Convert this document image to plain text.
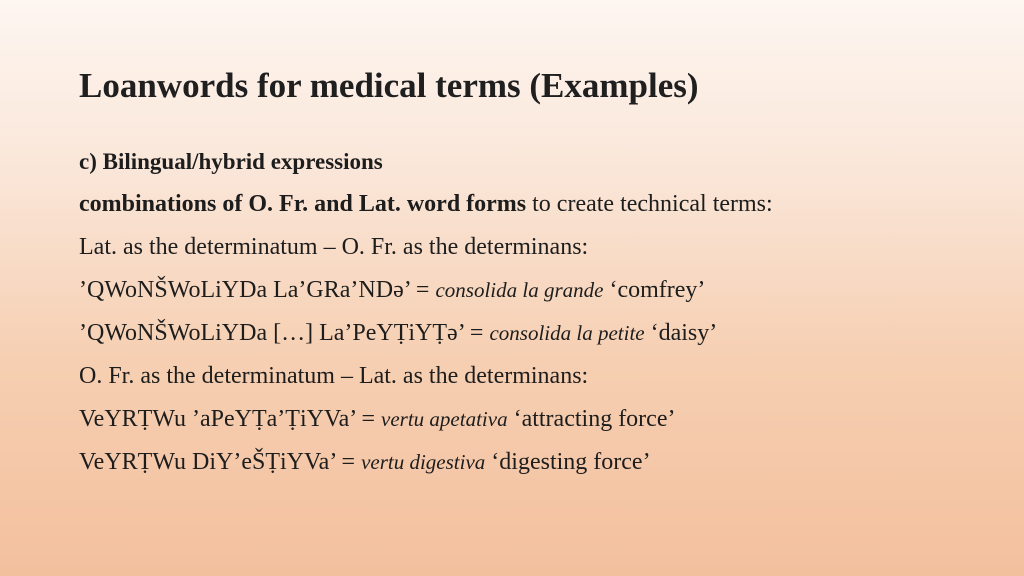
Loanwords for medical terms (Examples)
c) Bilingual/hybrid expressions
combinations of O. Fr. and Lat. word forms to create technical terms:
Lat. as the determinatum – O. Fr. as the determinans:
’QWoNŠWoLiYDa La’GRa’NDə’ = consolida la grande ‘comfrey’
’QWoNŠWoLiYDa […] La’PeYṬiYṬə’ = consolida la petite ‘daisy’
O. Fr. as the determinatum – Lat. as the determinans:
VeYRṬWu ’aPeYṬa’ṬiYVa’ = vertu apetativa ‘attracting force’
VeYRṬWu DiY’eŠṬiYVa’ = vertu digestiva ‘digesting force’
